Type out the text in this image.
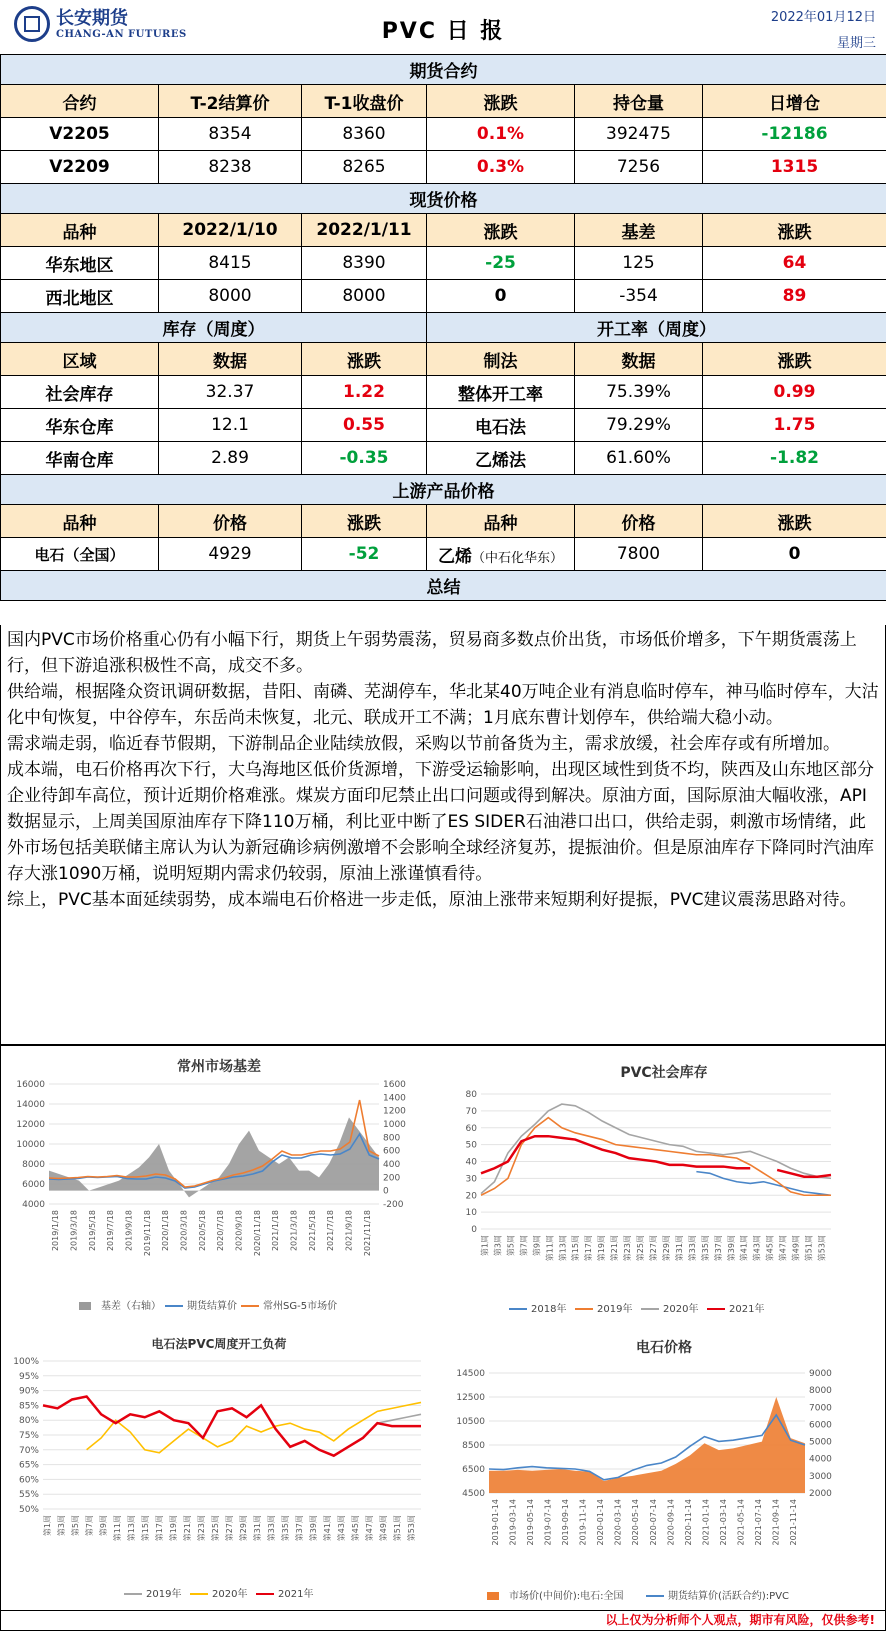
长安期货
CHANG-AN FUTURES	PVC 日 报
2022年01月12日
星期三
期货合约					
合约	T-2结算价	T-1收盘价	涨跌	持仓量	日增仓
V2205	8354	8360	0.1%	392475	-12186
V2209	8238	8265	0.3%	7256	1315
现货价格					
品种	2022/1/10	2022/1/11	涨跌	基差	涨跌
华东地区	8415	8390	-25	125	64
西北地区	8000	8000	0	-354	89
库存（周度）			开工率（周度）		
区域	数据	涨跌	制法	数据	涨跌
社会库存	32.37	1.22	整体开工率	75.39%	0.99
华东仓库	12.1	0.55	电石法	79.29%	1.75
华南仓库	2.89	-0.35	乙烯法	61.60%	-1.82
上游产品价格					
品种	价格	涨跌	品种	价格	涨跌
电石（全国）	4929	-52	乙烯（中石化华东）	7800	0
总结					

国内PVC市场价格重心仍有小幅下行，期货上午弱势震荡，贸易商多数点价出货，市场低价增多，下午期货震荡上行，但下游追涨积极性不高，成交不多。

供给端，根据隆众资讯调研数据，昔阳、南磷、芜湖停车，华北某40万吨企业有消息临时停车，神马临时停车，大沽化中旬恢复，中谷停车，东岳尚未恢复，北元、联成开工不满；1月底东曹计划停车，供给端大稳小动。

需求端走弱，临近春节假期，下游制品企业陆续放假，采购以节前备货为主，需求放缓，社会库存或有所增加。

成本端，电石价格再次下行，大乌海地区低价货源增，下游受运输影响，出现区域性到货不均，陕西及山东地区部分企业待卸车高位，预计近期价格难涨。煤炭方面印尼禁止出口问题或得到解决。原油方面，国际原油大幅收涨，API数据显示，上周美国原油库存下降110万桶，利比亚中断了ES SIDER石油港口出口，供给走弱，刺激市场情绪，此外市场包括美联储主席认为认为新冠确诊病例激增不会影响全球经济复苏，提振油价。但是原油库存下降同时汽油库存大涨1090万桶，说明短期内需求仍较弱，原油上涨谨慎看待。

综上，PVC基本面延续弱势，成本端电石价格进一步走低，原油上涨带来短期利好提振，PVC建议震荡思路对待。

常州市场基差
16000
14000
12000
10000
8000
6000
4000
1600
1400
1200
1000
800
600
400
200
0
-200
2019/1/18 2019/3/18 2019/5/18 2019/7/18 2019/9/18 2019/11/18 2020/1/18 2020/3/18 2020/5/18 2020/7/18 2020/9/18 2020/11/18 2021/1/18 2021/3/18 2021/5/18 2021/7/18 2021/9/18 2021/11/18
基差（右轴）	期货结算价	常州SG-5市场价
PVC社会库存
80
70
60
50
40
30
20
10
0
第1周 第3周 第5周 第7周 第9周 第11周 第13周 第15周 第17周 第19周 第21周 第23周 第25周 第27周 第29周 第31周 第33周 第35周 第37周 第39周 第41周 第43周 第45周 第47周 第49周 第51周 第53周
2018年	2019年	2020年	2021年
电石法PVC周度开工负荷
100%
95%
90%
85%
80%
75%
70%
65%
60%
55%
50%
第1周 第3周 第5周 第7周 第9周 第11周 第13周 第15周 第17周 第19周 第21周 第23周 第25周 第27周 第29周 第31周 第33周 第35周 第37周 第39周 第41周 第43周 第45周 第47周 第49周 第51周 第53周
2019年	2020年	2021年
电石价格
14500
12500
10500
8500
6500
4500
9000
8000
7000
6000
5000
4000
3000
2000
2019-01-14 2019-03-14 2019-05-14 2019-07-14 2019-09-14 2019-11-14 2020-01-14 2020-03-14 2020-05-14 2020-07-14 2020-09-14 2020-11-14 2021-01-14 2021-03-14 2021-05-14 2021-07-14 2021-09-14 2021-11-14
市场价(中间价):电石:全国	期货结算价(活跃合约):PVC
以上仅为分析师个人观点，期市有风险，仅供参考!
